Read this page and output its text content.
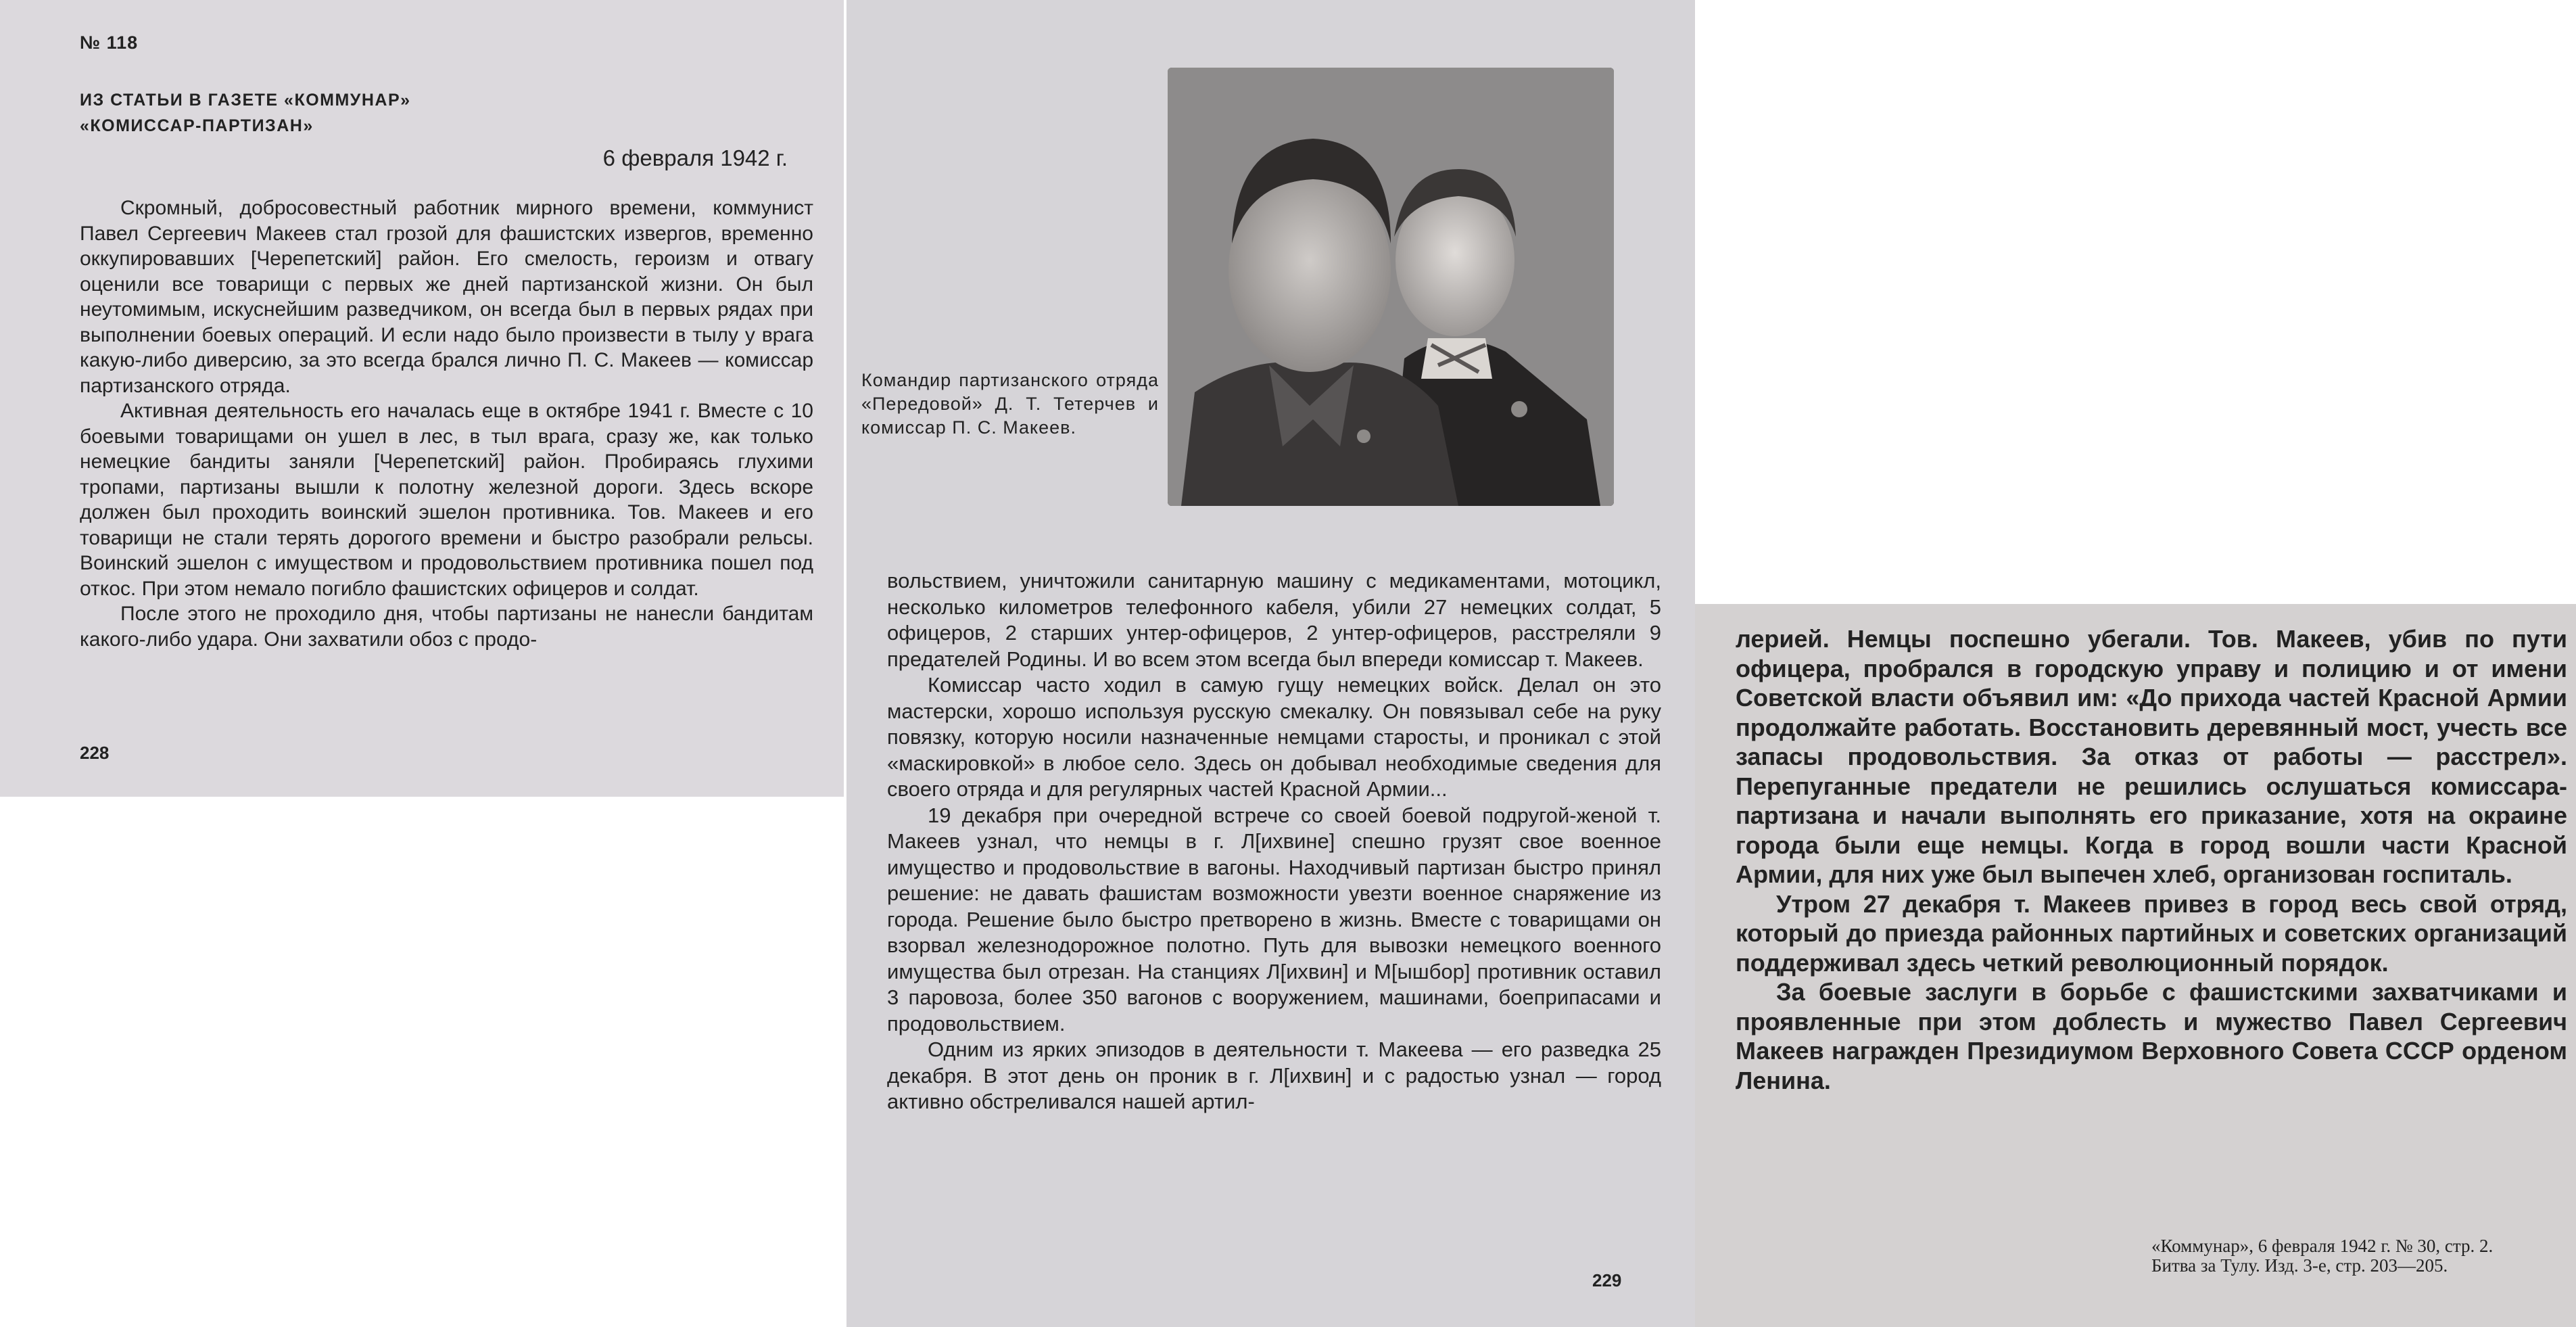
№ 118
ИЗ СТАТЬИ В ГАЗЕТЕ «КОММУНАР»
«КОМИССАР-ПАРТИЗАН»
6 февраля 1942 г.

Скромный, добросовестный работник мирного времени, коммунист Павел Сергеевич Макеев стал грозой для фашистских извергов, временно оккупировавших [Черепетский] район. Его смелость, героизм и отвагу оценили все товарищи с первых же дней партизанской жизни. Он был неутомимым, искуснейшим разведчиком, он всегда был в первых рядах при выполнении боевых операций. И если надо было произвести в тылу у врага какую-либо диверсию, за это всегда брался лично П. С. Макеев — комиссар партизанского отряда.

Активная деятельность его началась еще в октябре 1941 г. Вместе с 10 боевыми товарищами он ушел в лес, в тыл врага, сразу же, как только немецкие бандиты заняли [Черепетский] район. Пробираясь глухими тропами, партизаны вышли к полотну железной дороги. Здесь вскоре должен был проходить воинский эшелон противника. Тов. Макеев и его товарищи не стали терять дорогого времени и быстро разобрали рельсы. Воинский эшелон с имуществом и продовольствием противника пошел под откос. При этом немало погибло фашистских офицеров и солдат.

После этого не проходило дня, чтобы партизаны не нанесли бандитам какого-либо удара. Они захватили обоз с продо-

228
Командир партизанского отряда «Передовой» Д. Т. Тетерчев и комиссар П. С. Макеев.

вольствием, уничтожили санитарную машину с медикаментами, мотоцикл, несколько километров телефонного кабеля, убили 27 немецких солдат, 5 офицеров, 2 старших унтер-офицеров, 2 унтер-офицеров, расстреляли 9 предателей Родины. И во всем этом всегда был впереди комиссар т. Макеев.

Комиссар часто ходил в самую гущу немецких войск. Делал он это мастерски, хорошо используя русскую смекалку. Он повязывал себе на руку повязку, которую носили назначенные немцами старосты, и проникал с этой «маскировкой» в любое село. Здесь он добывал необходимые сведения для своего отряда и для регулярных частей Красной Армии...

19 декабря при очередной встрече со своей боевой подругой-женой т. Макеев узнал, что немцы в г. Л[ихвине] спешно грузят свое военное имущество и продовольствие в вагоны. Находчивый партизан быстро принял решение: не давать фашистам возможности увезти военное снаряжение из города. Решение было быстро претворено в жизнь. Вместе с товарищами он взорвал железнодорожное полотно. Путь для вывозки немецкого военного имущества был отрезан. На станциях Л[ихвин] и М[ышбор] противник оставил 3 паровоза, более 350 вагонов с вооружением, машинами, боеприпасами и продовольствием.

Одним из ярких эпизодов в деятельности т. Макеева — его разведка 25 декабря. В этот день он проник в г. Л[ихвин] и с радостью узнал — город активно обстреливался нашей артил-

229

лерией. Немцы поспешно убегали. Тов. Макеев, убив по пути офицера, пробрался в городскую управу и полицию и от имени Советской власти объявил им: «До прихода частей Красной Армии продолжайте работать. Восстановить деревянный мост, учесть все запасы продовольствия. За отказ от работы — расстрел». Перепуганные предатели не решились ослушаться комиссара-партизана и начали выполнять его приказание, хотя на окраине города были еще немцы. Когда в город вошли части Красной Армии, для них уже был выпечен хлеб, организован госпиталь.

Утром 27 декабря т. Макеев привез в город весь свой отряд, который до приезда районных партийных и советских организаций поддерживал здесь четкий революционный порядок.

За боевые заслуги в борьбе с фашистскими захватчиками и проявленные при этом доблесть и мужество Павел Сергеевич Макеев награжден Президиумом Верховного Совета СССР орденом Ленина.

«Коммунар», 6 февраля 1942 г. № 30, стр. 2.
Битва за Тулу. Изд. 3-е, стр. 203—205.
